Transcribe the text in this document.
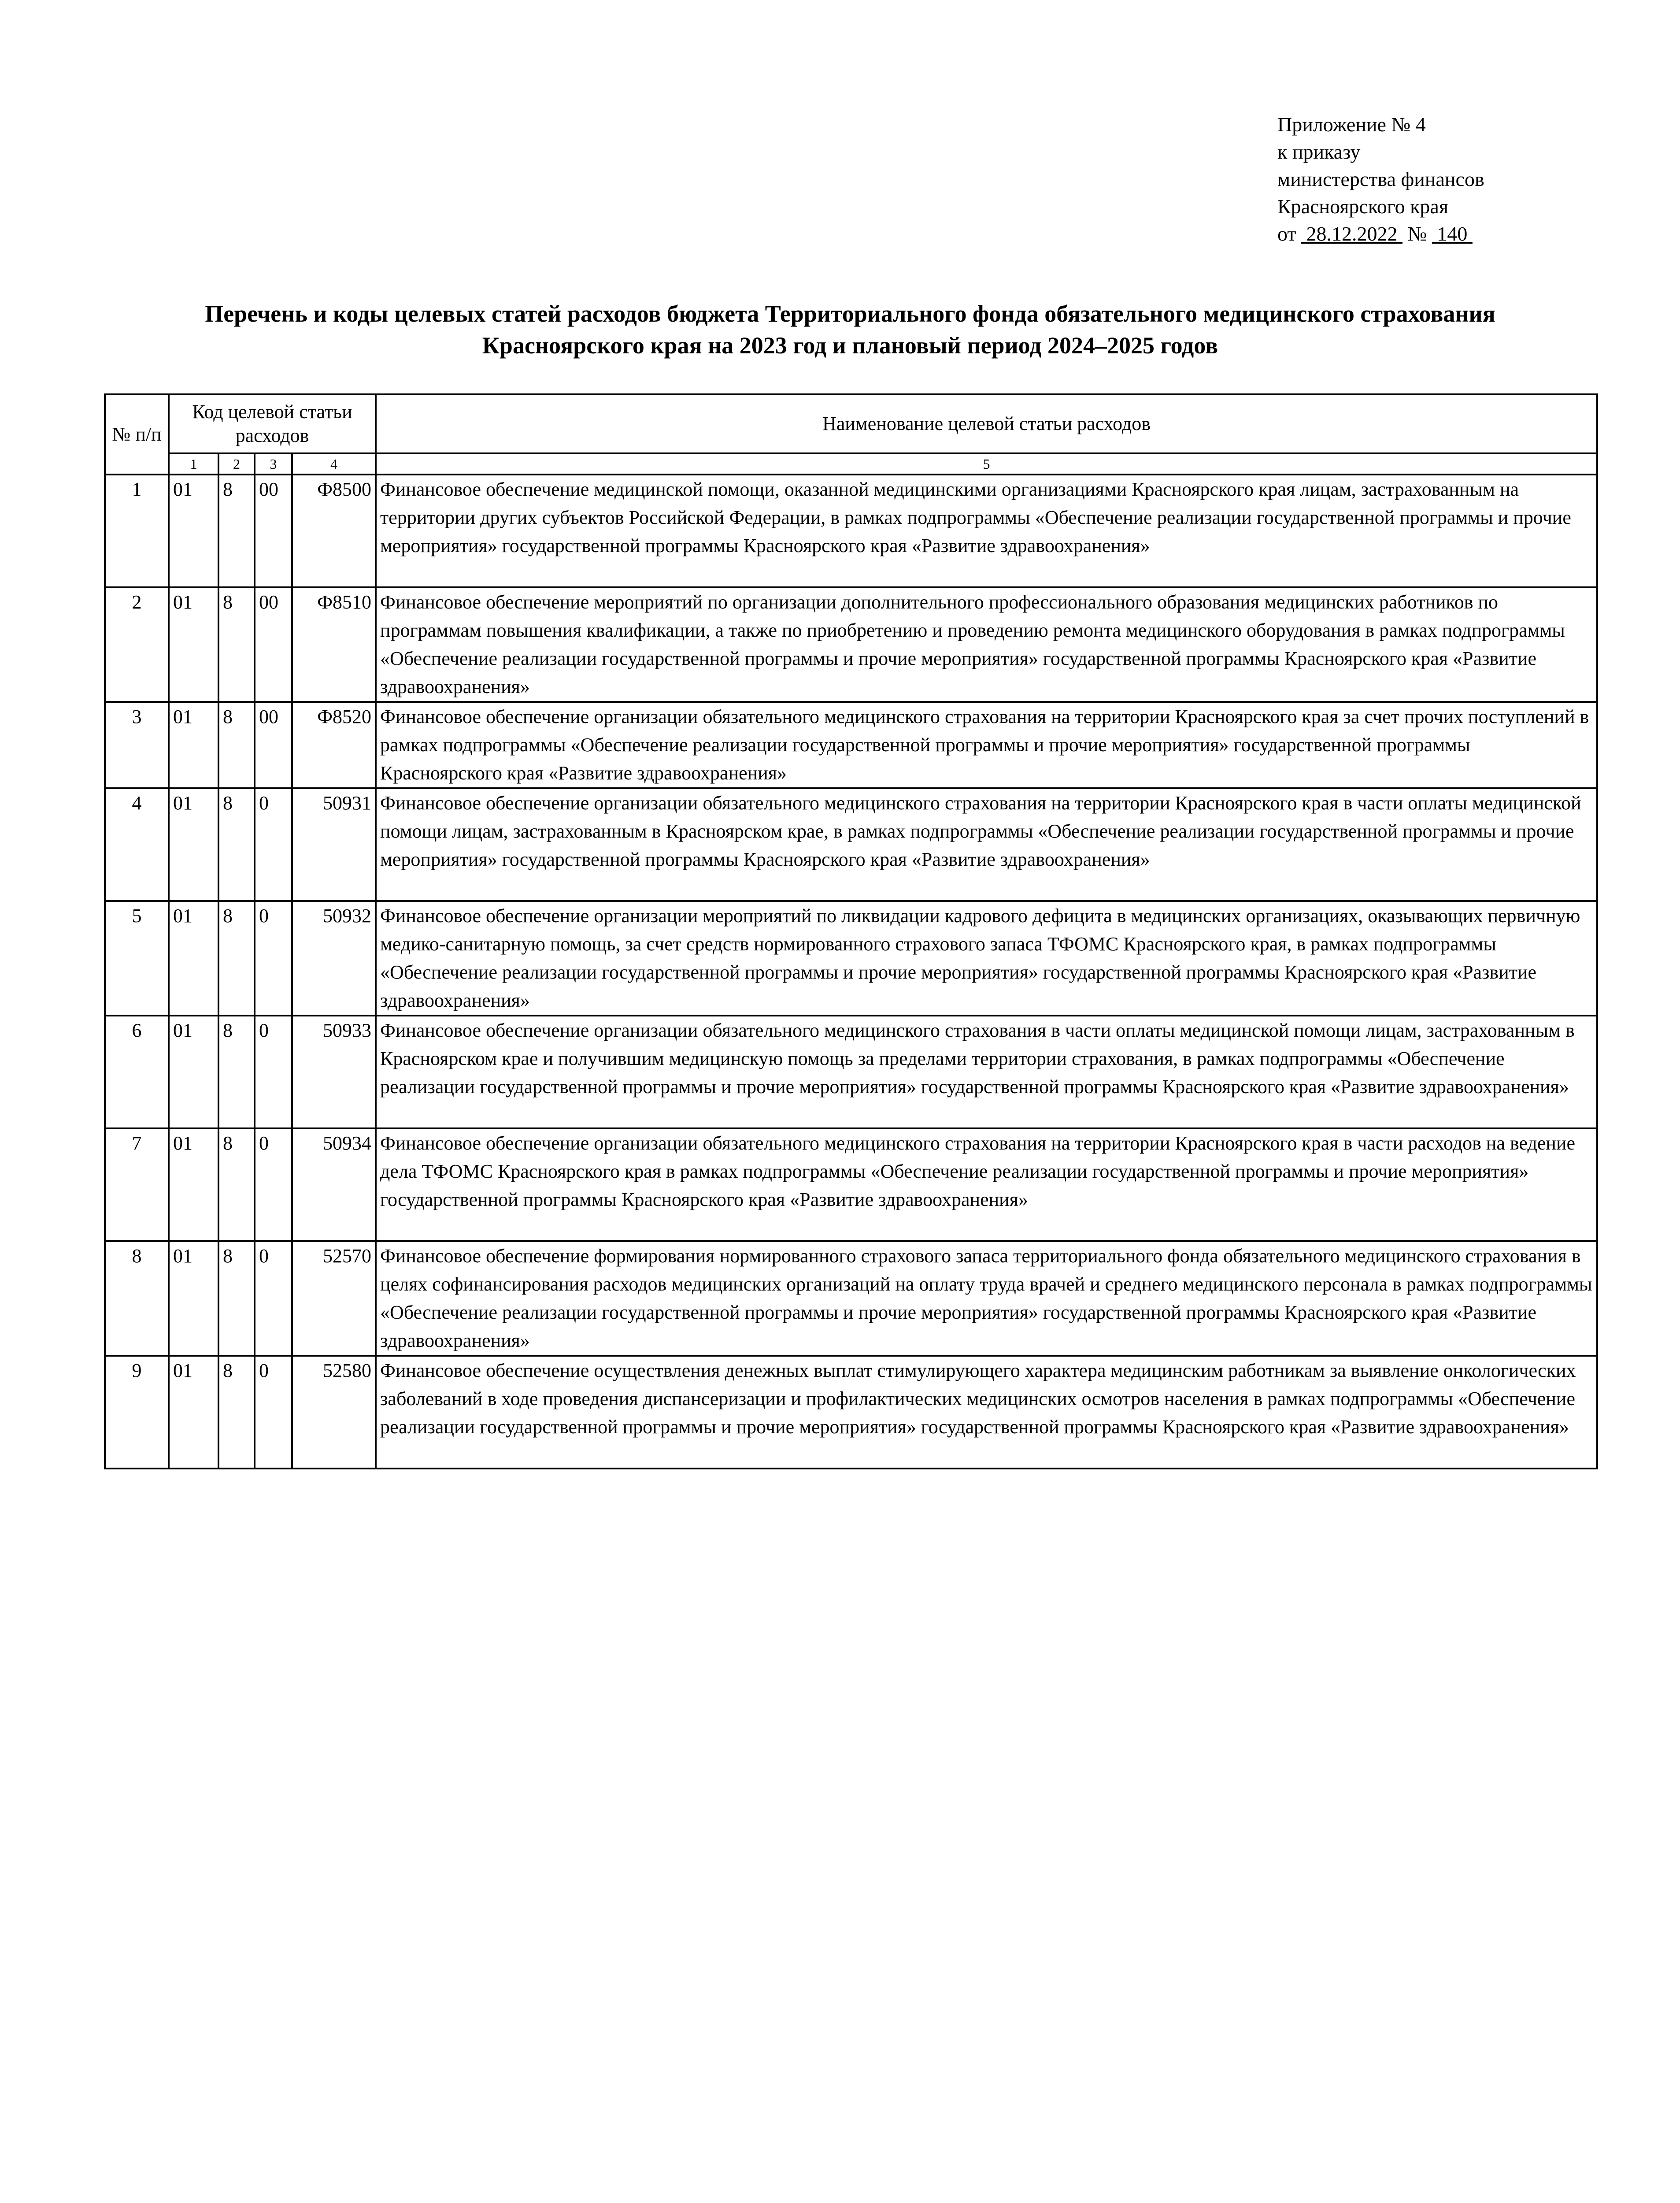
Приложение № 4
к приказу
министерства финансов
Красноярского края
от 28.12.2022 № 140
Перечень и коды целевых статей расходов бюджета Территориального фонда обязательного медицинского страхования
Красноярского края на 2023 год и плановый период 2024–2025 годов
№ п/п	Код целевой статьи расходов				Наименование целевой статьи расходов
	1	2	3	4	5
1	01	8	00	Ф8500	Финансовое обеспечение медицинской помощи, оказанной медицинскими организациями Красноярского края лицам, застрахованным на территории других субъектов Российской Федерации, в рамках подпрограммы «Обеспечение реализации государственной программы и прочие мероприятия» государственной программы Красноярского края «Развитие здравоохранения»
2	01	8	00	Ф8510	Финансовое обеспечение мероприятий по организации дополнительного профессионального образования медицинских работников по программам повышения квалификации, а также по приобретению и проведению ремонта медицинского оборудования в рамках подпрограммы «Обеспечение реализации государственной программы и прочие мероприятия» государственной программы Красноярского края «Развитие здравоохранения»
3	01	8	00	Ф8520	Финансовое обеспечение организации обязательного медицинского страхования на территории Красноярского края за счет прочих поступлений в рамках подпрограммы «Обеспечение реализации государственной программы и прочие мероприятия» государственной программы Красноярского края «Развитие здравоохранения»
4	01	8	0	50931	Финансовое обеспечение организации обязательного медицинского страхования на территории Красноярского края в части оплаты медицинской помощи лицам, застрахованным в Красноярском крае, в рамках подпрограммы «Обеспечение реализации государственной программы и прочие мероприятия» государственной программы Красноярского края «Развитие здравоохранения»
5	01	8	0	50932	Финансовое обеспечение организации мероприятий по ликвидации кадрового дефицита в медицинских организациях, оказывающих первичную медико-санитарную помощь, за счет средств нормированного страхового запаса ТФОМС Красноярского края, в рамках подпрограммы «Обеспечение реализации государственной программы и прочие мероприятия» государственной программы Красноярского края «Развитие здравоохранения»
6	01	8	0	50933	Финансовое обеспечение организации обязательного медицинского страхования в части оплаты медицинской помощи лицам, застрахованным в Красноярском крае и получившим медицинскую помощь за пределами территории страхования, в рамках подпрограммы «Обеспечение реализации государственной программы и прочие мероприятия» государственной программы Красноярского края «Развитие здравоохранения»
7	01	8	0	50934	Финансовое обеспечение организации обязательного медицинского страхования на территории Красноярского края в части расходов на ведение дела ТФОМС Красноярского края в рамках подпрограммы «Обеспечение реализации государственной программы и прочие мероприятия» государственной программы Красноярского края «Развитие здравоохранения»
8	01	8	0	52570	Финансовое обеспечение формирования нормированного страхового запаса территориального фонда обязательного медицинского страхования в целях софинансирования расходов медицинских организаций на оплату труда врачей и среднего медицинского персонала в рамках подпрограммы «Обеспечение реализации государственной программы и прочие мероприятия» государственной программы Красноярского края «Развитие здравоохранения»
9	01	8	0	52580	Финансовое обеспечение осуществления денежных выплат стимулирующего характера медицинским работникам за выявление онкологических заболеваний в ходе проведения диспансеризации и профилактических медицинских осмотров населения в рамках подпрограммы «Обеспечение реализации государственной программы и прочие мероприятия» государственной программы Красноярского края «Развитие здравоохранения»
